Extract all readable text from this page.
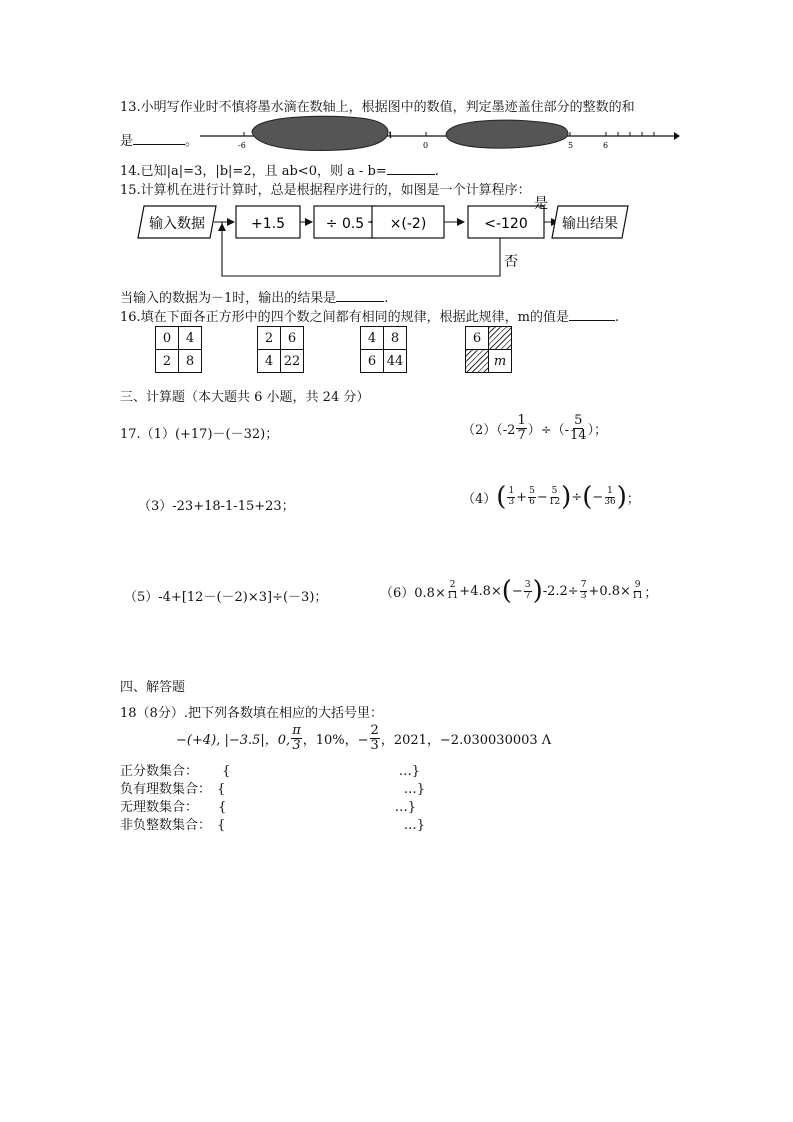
13.小明写作业时不慎将墨水滴在数轴上，根据图中的数值，判定墨迹盖住部分的整数的和
是	。	-6
1
0	5	6
14.已知|a|=3，|b|=2，且 ab<0，则 a - b=	.
15.计算机在进行计算时，总是根据程序进行的，如图是一个计算程序：
输入数据	+1.5	÷ 0.5 ×(-2)	<-120
是
输出结果
否
当输入的数据为－1时，输出的结果是	.
16.填在下面各正方形中的四个数之间都有相同的规律，根据此规律，m的值是	.
0	4
2	8
2	6
4	22
4	8
6	44
6	
	m
三、计算题（本大题共 6 小题，共 24 分）
17.（1）(+17)－(－32)；	$(2)(-2 \frac{1}{7}$ ）÷（- $\frac{5}{14}$ ）；
（3）-23+18-1-15+23；	（4） ( $\frac{1}{3} + \frac{5}{6} - \frac{5}{12}$ ) ÷ ( − $\frac{1}{36}$ ) ；
（5）-4+[12－(－2)×3]÷(－3)；	$(6)0.8\times \frac{2}{11} +4.8\times$ ( − $\frac{3}{7}$ ) $-2.2\div \frac{7}{3} +0.8\times \frac{9}{11}$ ；
四、解答题
18（8分）.把下列各数填在相应的大括号里：
−(+4), |−3.5|，0, $\frac{\pi}{3}$ ，10%，− $\frac{2}{3}$ ，2021，−2.030030003 Λ
正分数集合： {	…}
负有理数集合： {	…}
无理数集合： {	…}
非负整数集合： {	…}
